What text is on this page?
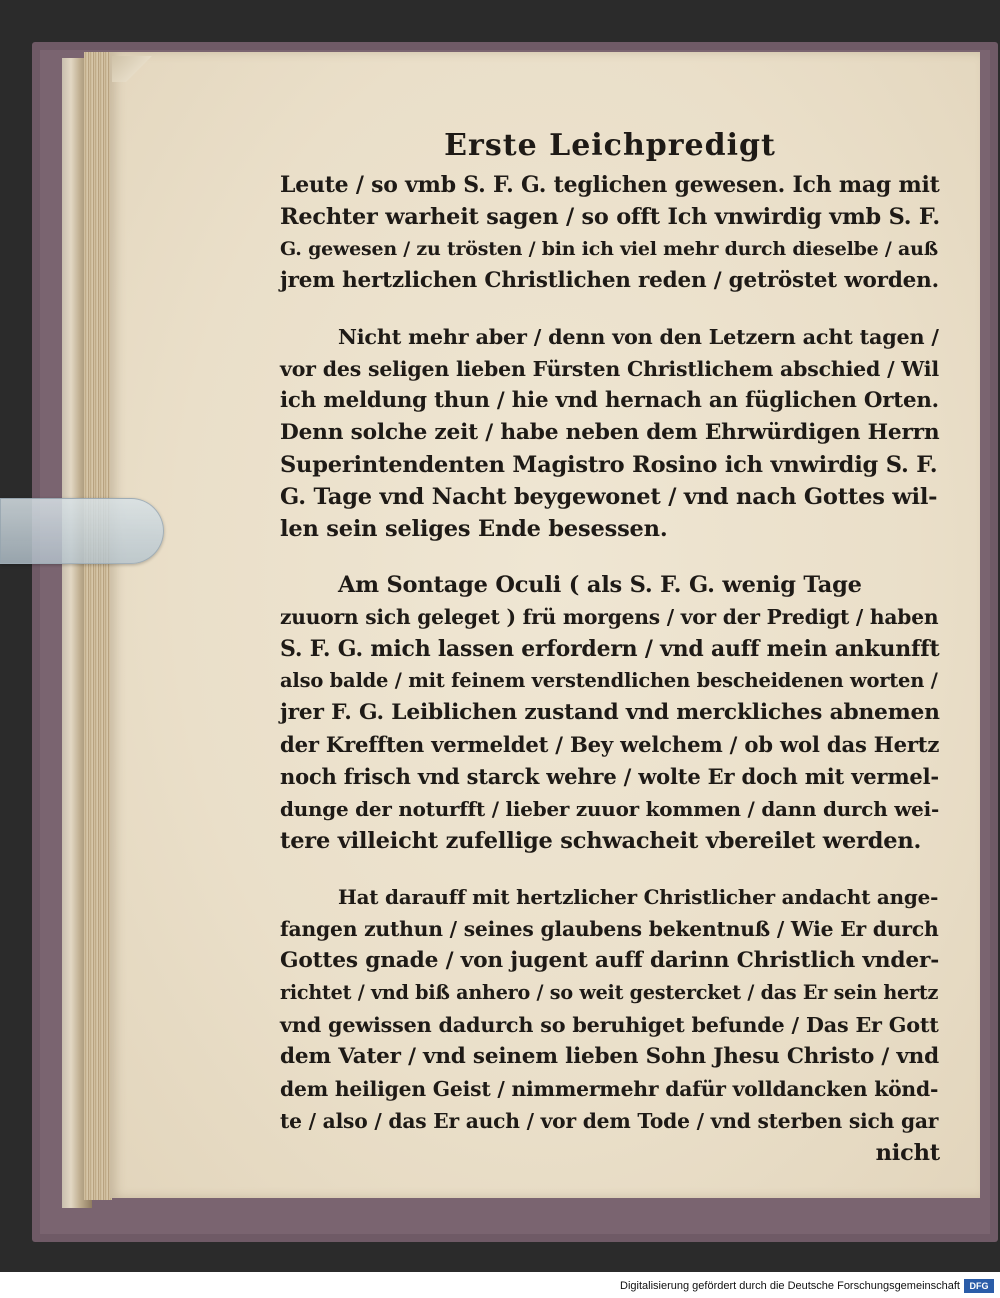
Erste Leichpredigt
Leute / so vmb S. F. G. teglichen gewesen. Ich mag mit
Rechter warheit sagen / so offt Ich vnwirdig vmb S. F.
G. gewesen / zu trösten / bin ich viel mehr durch dieselbe / auß
jrem hertzlichen Christlichen reden / getröstet worden.
Nicht mehr aber / denn von den Letzern acht tagen /
vor des seligen lieben Fürsten Christlichem abschied / Wil
ich meldung thun / hie vnd hernach an füglichen Orten.
Denn solche zeit / habe neben dem Ehrwürdigen Herrn
Superintendenten Magistro Rosino ich vnwirdig S. F.
G. Tage vnd Nacht beygewonet / vnd nach Gottes wil-
len sein seliges Ende besessen.
Am Sontage Oculi ( als S. F. G. wenig Tage
zuuorn sich geleget ) frü morgens / vor der Predigt / haben
S. F. G. mich lassen erfordern / vnd auff mein ankunfft
also balde / mit feinem verstendlichen bescheidenen worten /
jrer F. G. Leiblichen zustand vnd merckliches abnemen
der Krefften vermeldet / Bey welchem / ob wol das Hertz
noch frisch vnd starck wehre / wolte Er doch mit vermel-
dunge der noturfft / lieber zuuor kommen / dann durch wei-
tere villeicht zufellige schwacheit vbereilet werden.
Hat darauff mit hertzlicher Christlicher andacht ange-
fangen zuthun / seines glaubens bekentnuß / Wie Er durch
Gottes gnade / von jugent auff darinn Christlich vnder-
richtet / vnd biß anhero / so weit gestercket / das Er sein hertz
vnd gewissen dadurch so beruhiget befunde / Das Er Gott
dem Vater / vnd seinem lieben Sohn Jhesu Christo / vnd
dem heiligen Geist / nimmermehr dafür volldancken könd-
te / also / das Er auch / vor dem Tode / vnd sterben sich gar
nicht
Digitalisierung gefördert durch die Deutsche Forschungsgemeinschaft	DFG
